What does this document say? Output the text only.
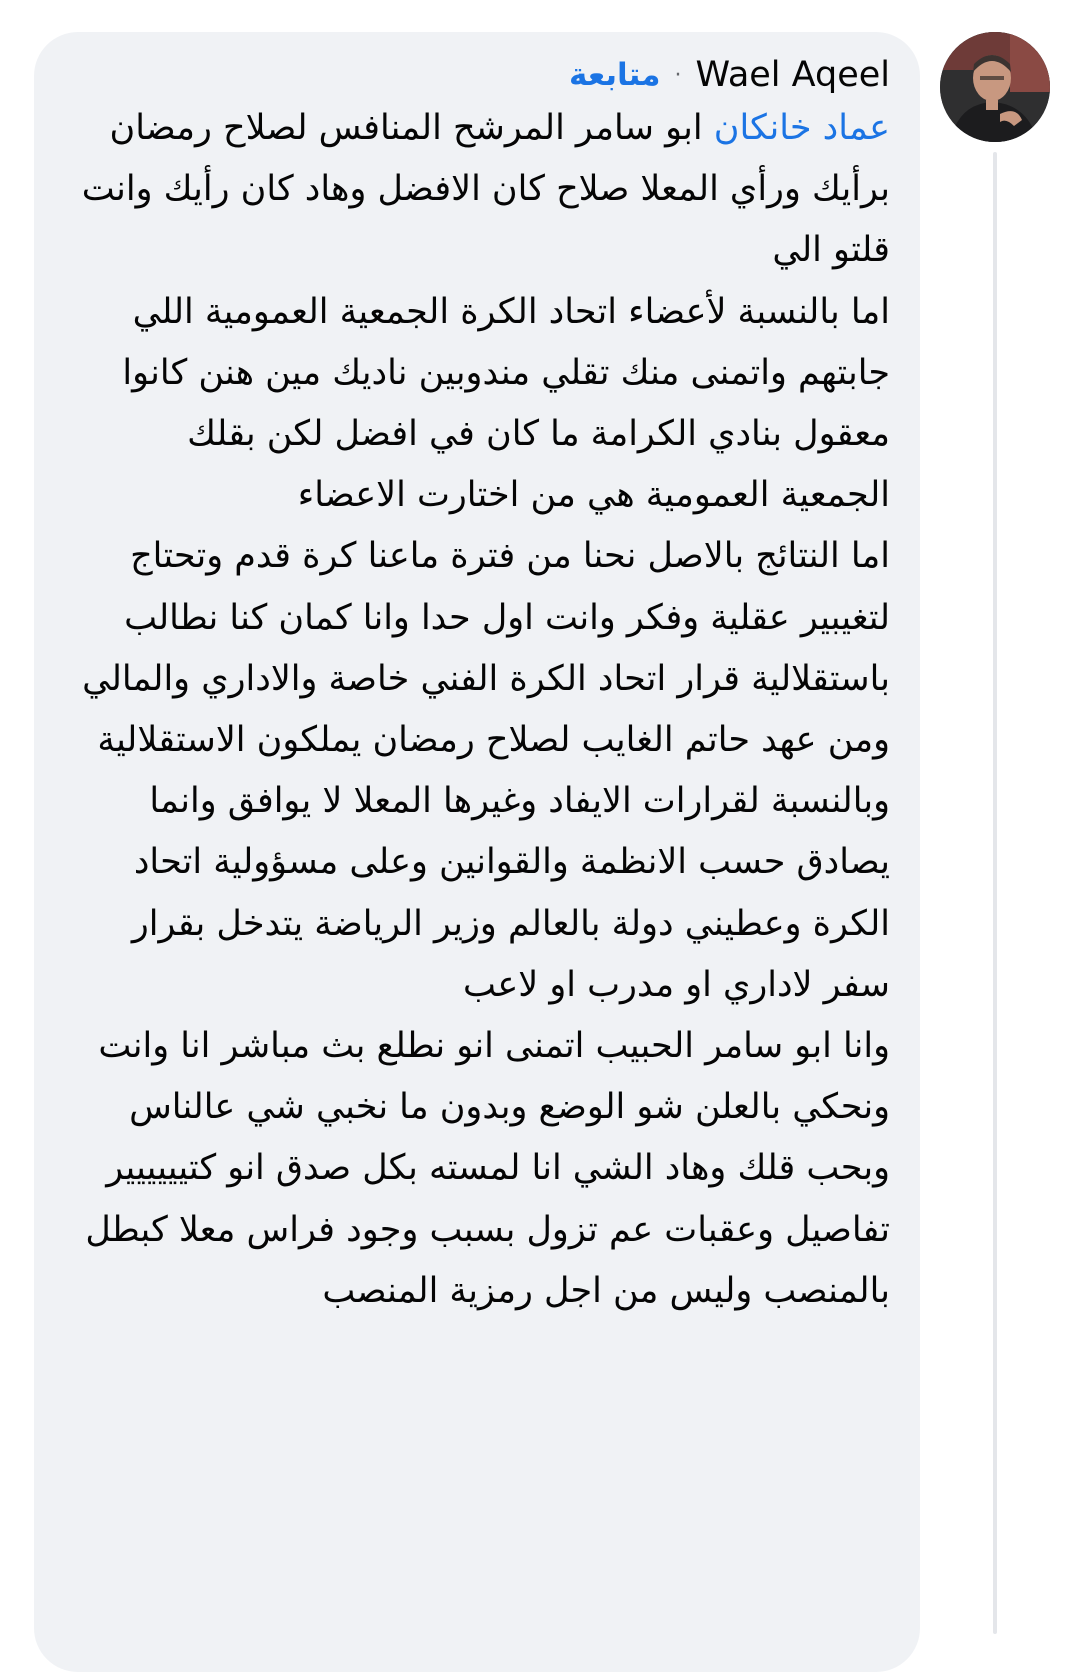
متابعة · Wael Aqeel

عماد خانكان ابو سامر المرشح المنافس لصلاح رمضان برأيك ورأي المعلا صلاح كان الافضل وهاد كان رأيك وانت قلتو الي

اما بالنسبة لأعضاء اتحاد الكرة الجمعية العمومية اللي جابتهم واتمنى منك تقلي مندوبين ناديك مين هنن كانوا معقول بنادي الكرامة ما كان في افضل لكن بقلك الجمعية العمومية هي من اختارت الاعضاء

اما النتائج بالاصل نحنا من فترة ماعنا كرة قدم وتحتاج لتغيبير عقلية وفكر وانت اول حدا وانا كمان كنا نطالب باستقلالية قرار اتحاد الكرة الفني خاصة والاداري والمالي

ومن عهد حاتم الغايب لصلاح رمضان يملكون الاستقلالية

وبالنسبة لقرارات الايفاد وغيرها المعلا لا يوافق وانما يصادق حسب الانظمة والقوانين وعلى مسؤولية اتحاد الكرة وعطيني دولة بالعالم وزير الرياضة يتدخل بقرار سفر لاداري او مدرب او لاعب

وانا ابو سامر الحبيب اتمنى انو نطلع بث مباشر انا وانت ونحكي بالعلن شو الوضع وبدون ما نخبي شي عالناس

وبحب قلك وهاد الشي انا لمسته بكل صدق انو كتيييييير تفاصيل وعقبات عم تزول بسبب وجود فراس معلا كبطل بالمنصب وليس من اجل رمزية المنصب
